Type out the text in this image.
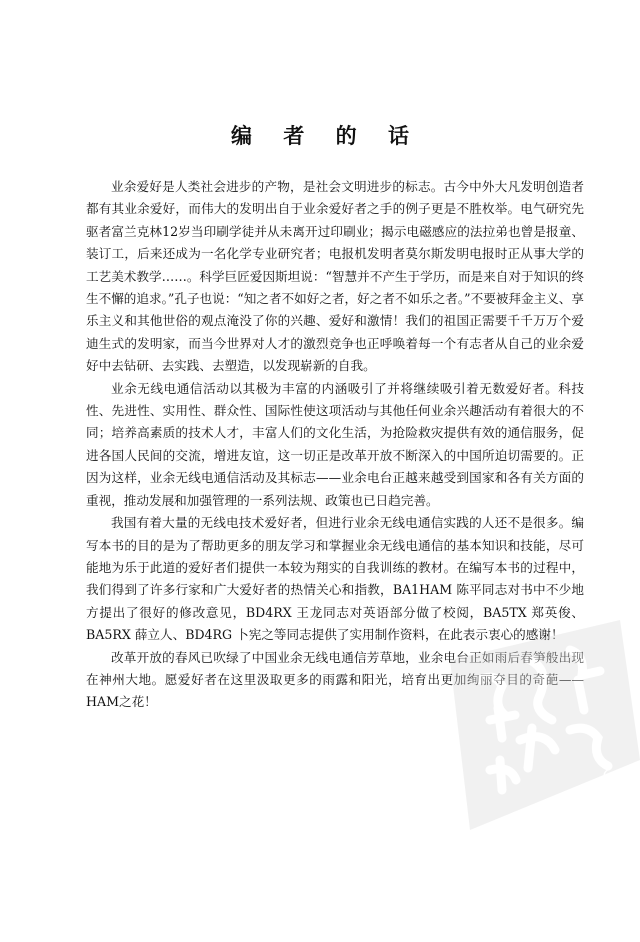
编 者 的 话

业余爱好是人类社会进步的产物，是社会文明进步的标志。古今中外大凡发明创造者都有其业余爱好，而伟大的发明出自于业余爱好者之手的例子更是不胜枚举。电气研究先驱者富兰克林12岁当印刷学徒并从未离开过印刷业；揭示电磁感应的法拉弟也曾是报童、装订工，后来还成为一名化学专业研究者；电报机发明者莫尔斯发明电报时正从事大学的工艺美术教学……。科学巨匠爱因斯坦说：“智慧并不产生于学历，而是来自对于知识的终生不懈的追求。”孔子也说：“知之者不如好之者，好之者不如乐之者。”不要被拜金主义、享乐主义和其他世俗的观点淹没了你的兴趣、爱好和激情！我们的祖国正需要千千万万个爱迪生式的发明家，而当今世界对人才的激烈竞争也正呼唤着每一个有志者从自己的业余爱好中去钻研、去实践、去塑造，以发现崭新的自我。

业余无线电通信活动以其极为丰富的内涵吸引了并将继续吸引着无数爱好者。科技性、先进性、实用性、群众性、国际性使这项活动与其他任何业余兴趣活动有着很大的不同；培养高素质的技术人才，丰富人们的文化生活，为抢险救灾提供有效的通信服务，促进各国人民间的交流，增进友谊，这一切正是改革开放不断深入的中国所迫切需要的。正因为这样，业余无线电通信活动及其标志——业余电台正越来越受到国家和各有关方面的重视，推动发展和加强管理的一系列法规、政策也已日趋完善。

我国有着大量的无线电技术爱好者，但进行业余无线电通信实践的人还不是很多。编写本书的目的是为了帮助更多的朋友学习和掌握业余无线电通信的基本知识和技能，尽可能地为乐于此道的爱好者们提供一本较为翔实的自我训练的教材。在编写本书的过程中，我们得到了许多行家和广大爱好者的热情关心和指教，BA1HAM 陈平同志对书中不少地方提出了很好的修改意见，BD4RX 王龙同志对英语部分做了校阅，BA5TX 郑英俊、BA5RX 薛立人、BD4RG 卜宪之等同志提供了实用制作资料，在此表示衷心的感谢！

改革开放的春风已吹绿了中国业余无线电通信芳草地，业余电台正如雨后春笋般出现在神州大地。愿爱好者在这里汲取更多的雨露和阳光，培育出更加绚丽夺目的奇葩——HAM之花！

PDG
